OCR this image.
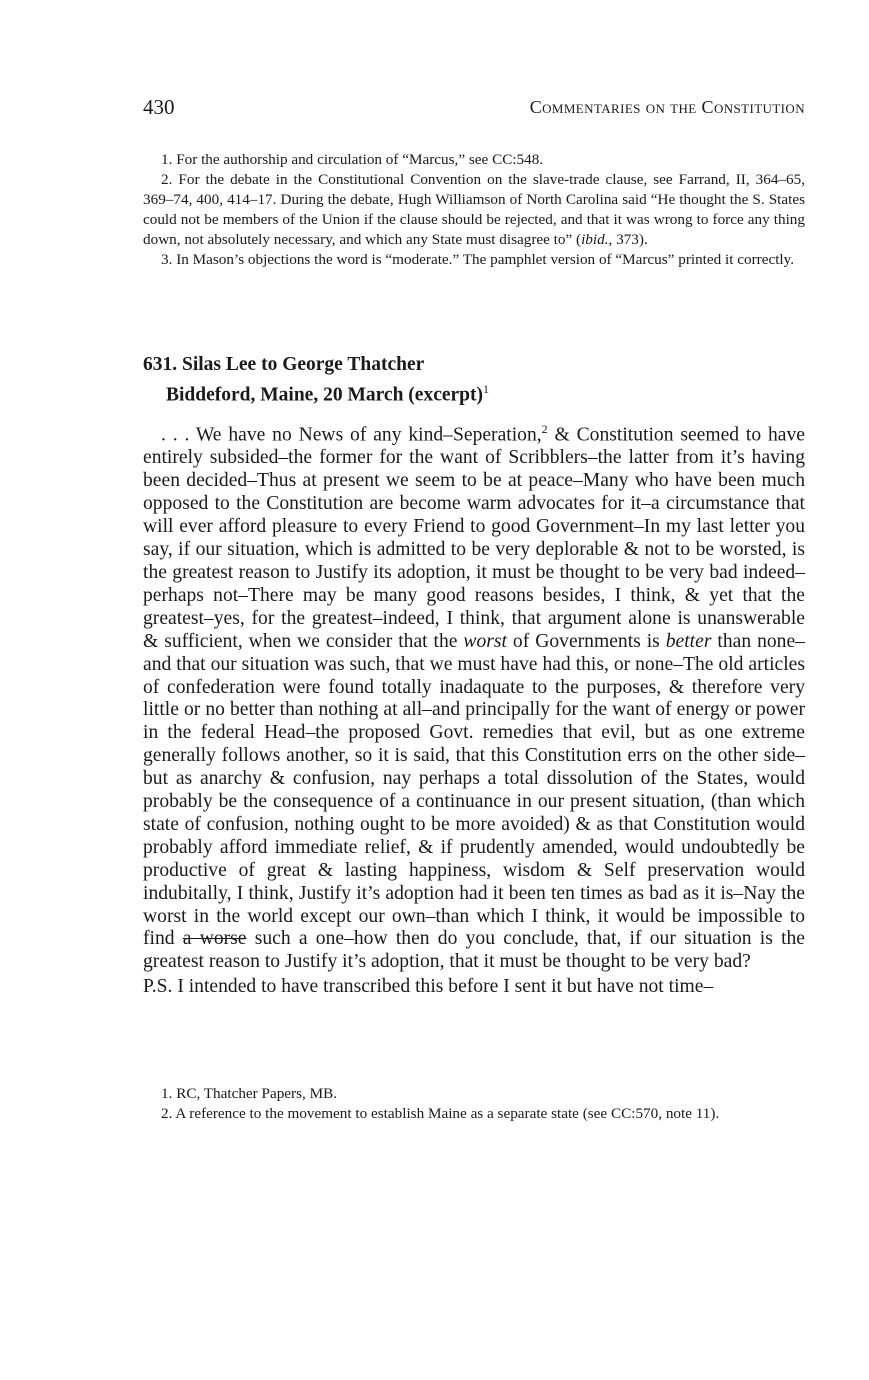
430	Commentaries on the Constitution

1. For the authorship and circulation of “Marcus,” see CC:548.

2. For the debate in the Constitutional Convention on the slave-trade clause, see Farrand, II, 364–65, 369–74, 400, 414–17. During the debate, Hugh Williamson of North Carolina said “He thought the S. States could not be members of the Union if the clause should be rejected, and that it was wrong to force any thing down, not absolutely necessary, and which any State must disagree to” (ibid., 373).

3. In Mason’s objections the word is “moderate.” The pamphlet version of “Marcus” printed it correctly.

631. Silas Lee to George Thatcher
Biddeford, Maine, 20 March (excerpt)$^1$

. . . We have no News of any kind–Seperation,$^2$ & Constitution seemed to have entirely subsided–the former for the want of Scribblers–the latter from it’s having been decided–Thus at present we seem to be at peace–Many who have been much opposed to the Constitution are become warm advocates for it–a circumstance that will ever afford pleasure to every Friend to good Government–In my last letter you say, if our situation, which is admitted to be very deplorable & not to be worsted, is the greatest reason to Justify its adoption, it must be thought to be very bad indeed–perhaps not–There may be many good reasons besides, I think, & yet that the greatest–yes, for the greatest–indeed, I think, that argument alone is unanswerable & sufficient, when we consider that the worst of Governments is better than none–and that our situation was such, that we must have had this, or none–The old articles of confederation were found totally inadaquate to the purposes, & therefore very little or no better than nothing at all–and principally for the want of energy or power in the federal Head–the proposed Govt. remedies that evil, but as one extreme generally follows another, so it is said, that this Constitution errs on the other side–but as anarchy & confusion, nay perhaps a total dissolution of the States, would probably be the consequence of a continuance in our present situation, (than which state of confusion, nothing ought to be more avoided) & as that Constitution would probably afford immediate relief, & if prudently amended, would undoubtedly be productive of great & lasting happiness, wisdom & Self preservation would indubitally, I think, Justify it’s adoption had it been ten times as bad as it is–Nay the worst in the world except our own–than which I think, it would be impossible to find a worse such a one–how then do you conclude, that, if our situation is the greatest reason to Justify it’s adoption, that it must be thought to be very bad?

P.S. I intended to have transcribed this before I sent it but have not time–

1. RC, Thatcher Papers, MB.

2. A reference to the movement to establish Maine as a separate state (see CC:570, note 11).
